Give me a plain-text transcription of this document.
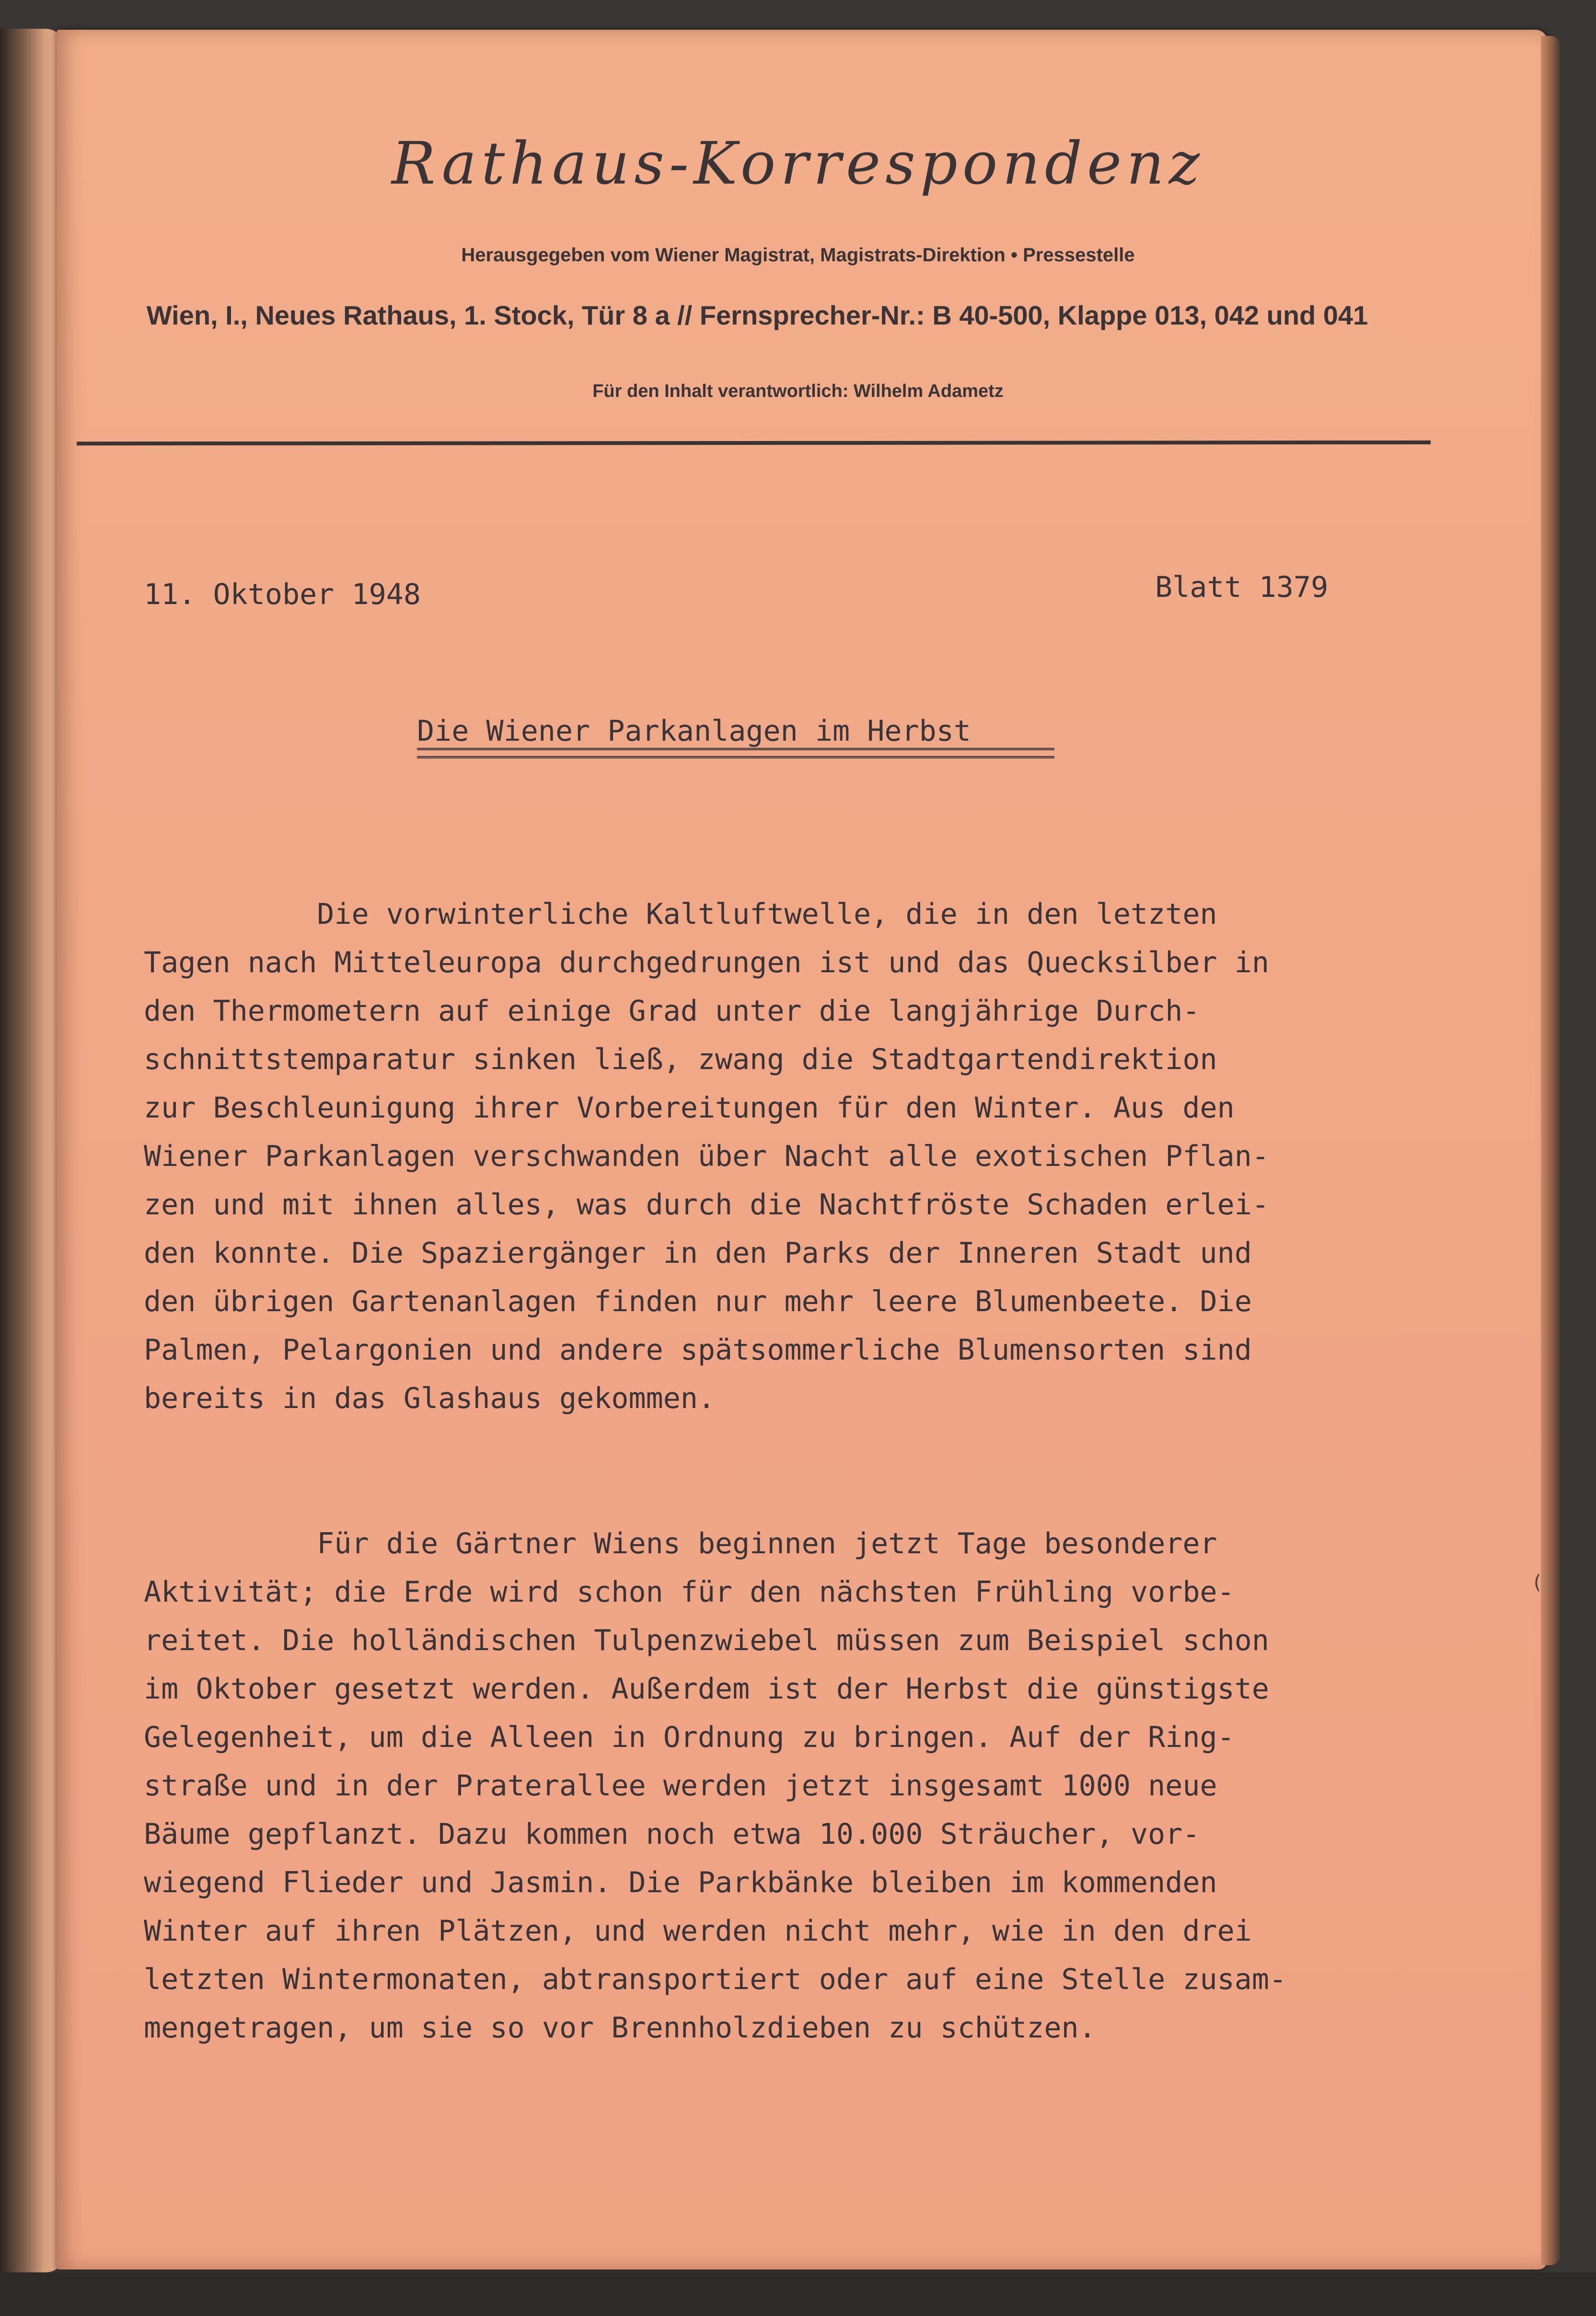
Rathaus-Korrespondenz
Herausgegeben vom Wiener Magistrat, Magistrats-Direktion • Pressestelle
Wien, I., Neues Rathaus, 1. Stock, Tür 8 a // Fernsprecher-Nr.: B 40-500, Klappe 013, 042 und 041
Für den Inhalt verantwortlich: Wilhelm Adametz
11. Oktober 1948	Blatt 1379
Die Wiener Parkanlagen im Herbst

Die vorwinterliche Kaltluftwelle, die in den letzten
Tagen nach Mitteleuropa durchgedrungen ist und das Quecksilber in
den Thermometern auf einige Grad unter die langjährige Durch-
schnittstemparatur sinken ließ, zwang die Stadtgartendirektion
zur Beschleunigung ihrer Vorbereitungen für den Winter. Aus den
Wiener Parkanlagen verschwanden über Nacht alle exotischen Pflan-
zen und mit ihnen alles, was durch die Nachtfröste Schaden erlei-
den konnte. Die Spaziergänger in den Parks der Inneren Stadt und
den übrigen Gartenanlagen finden nur mehr leere Blumenbeete. Die
Palmen, Pelargonien und andere spätsommerliche Blumensorten sind
bereits in das Glashaus gekommen.

Für die Gärtner Wiens beginnen jetzt Tage besonderer
Aktivität; die Erde wird schon für den nächsten Frühling vorbe-
reitet. Die holländischen Tulpenzwiebel müssen zum Beispiel schon
im Oktober gesetzt werden. Außerdem ist der Herbst die günstigste
Gelegenheit, um die Alleen in Ordnung zu bringen. Auf der Ring-
straße und in der Praterallee werden jetzt insgesamt 1000 neue
Bäume gepflanzt. Dazu kommen noch etwa 10.000 Sträucher, vor-
wiegend Flieder und Jasmin. Die Parkbänke bleiben im kommenden
Winter auf ihren Plätzen, und werden nicht mehr, wie in den drei
letzten Wintermonaten, abtransportiert oder auf eine Stelle zusam-
mengetragen, um sie so vor Brennholzdieben zu schützen.

(
